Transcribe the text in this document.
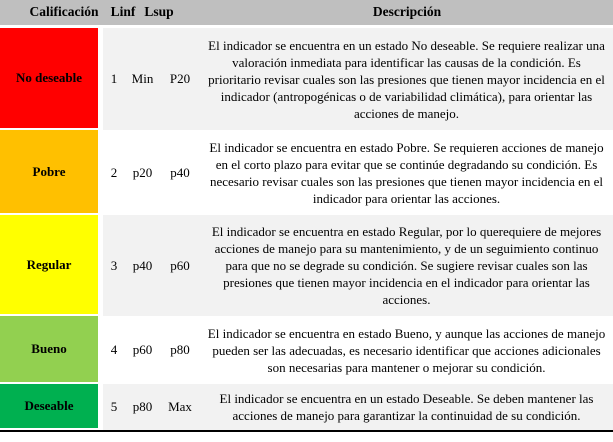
Calificación Linf Lsup	Descripción
No deseable	1	Min	P20
El indicador se encuentra en un estado No deseable. Se requiere realizar una valoración inmediata para identificar las causas de la condición. Es prioritario revisar cuales son las presiones que tienen mayor incidencia en el indicador (antropogénicas o de variabilidad climática), para orientar las acciones de manejo.
Pobre	2	p20	p40
El indicador se encuentra en estado Pobre. Se requieren acciones de manejo en el corto plazo para evitar que se continúe degradando su condición. Es necesario revisar cuales son las presiones que tienen mayor incidencia en el indicador para orientar las acciones.
Regular	3	p40	p60
El indicador se encuentra en estado Regular, por lo querequiere de mejores acciones de manejo para su mantenimiento, y de un seguimiento continuo para que no se degrade su condición. Se sugiere revisar cuales son las presiones que tienen mayor incidencia en el indicador para orientar las acciones.
Bueno	4	p60	p80
El indicador se encuentra en estado Bueno, y aunque las acciones de manejo pueden ser las adecuadas, es necesario identificar que acciones adicionales son necesarias para mantener o mejorar su condición.
Deseable	5	p80	Max
El indicador se encuentra en un estado Deseable. Se deben mantener las acciones de manejo para garantizar la continuidad de su condición.
